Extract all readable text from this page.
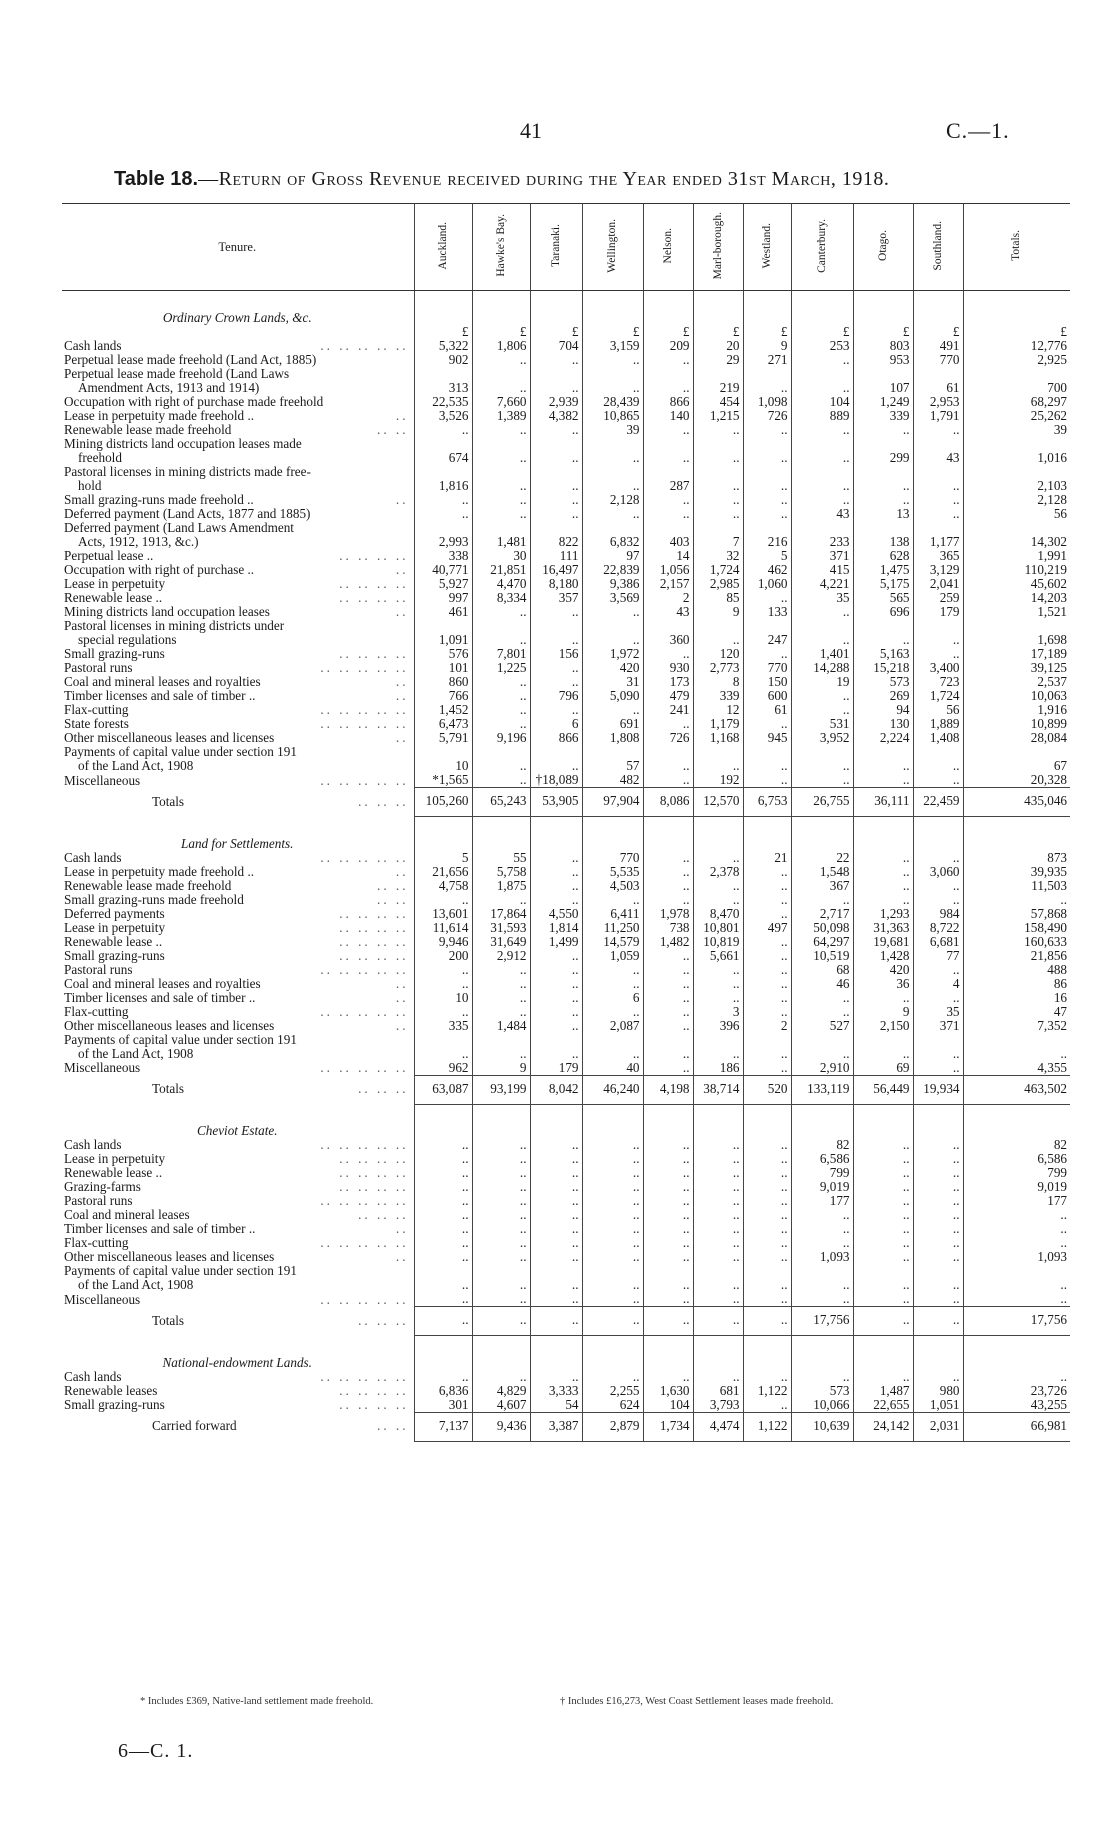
41	C.—1.
Table 18.—Return of Gross Revenue received during the Year ended 31st March, 1918.
Tenure.	Auckland.	Hawke's Bay.	Taranaki.	Wellington.	Nelson.	Marl-borough.	Westland.	Canterbury.	Otago.	Southland.	Totals.
Ordinary Crown Lands, &c.											
	£	£	£	£	£	£	£	£	£	£	£
Cash lands .. .. .. .. ..	5,322	1,806	704	3,159	209	20	9	253	803	491	12,776
Perpetual lease made freehold (Land Act, 1885)	902	..	..	..	..	29	271	..	953	770	2,925
Perpetual lease made freehold (Land Laws
Amendment Acts, 1913 and 1914)	313	..	..	..	..	219	..	..	107	61	700
Occupation with right of purchase made freehold	22,535	7,660	2,939	28,439	866	454	1,098	104	1,249	2,953	68,297
Lease in perpetuity made freehold .. ..	3,526	1,389	4,382	10,865	140	1,215	726	889	339	1,791	25,262
Renewable lease made freehold .. ..	..	..	..	39	..	..	..	..	..	..	39
Mining districts land occupation leases made
freehold	674	..	..	..	..	..	..	..	299	43	1,016
Pastoral licenses in mining districts made free-
hold	1,816	..	..	..	287	..	..	..	..	..	2,103
Small grazing-runs made freehold .. ..	..	..	..	2,128	..	..	..	..	..	..	2,128
Deferred payment (Land Acts, 1877 and 1885)	..	..	..	..	..	..	..	43	13	..	56
Deferred payment (Land Laws Amendment
Acts, 1912, 1913, &c.)	2,993	1,481	822	6,832	403	7	216	233	138	1,177	14,302
Perpetual lease .. .. .. .. ..	338	30	111	97	14	32	5	371	628	365	1,991
Occupation with right of purchase .. ..	40,771	21,851	16,497	22,839	1,056	1,724	462	415	1,475	3,129	110,219
Lease in perpetuity .. .. .. ..	5,927	4,470	8,180	9,386	2,157	2,985	1,060	4,221	5,175	2,041	45,602
Renewable lease .. .. .. .. ..	997	8,334	357	3,569	2	85	..	35	565	259	14,203
Mining districts land occupation leases ..	461	..	..	..	43	9	133	..	696	179	1,521
Pastoral licenses in mining districts under
special regulations	1,091	..	..	..	360	..	247	..	..	..	1,698
Small grazing-runs .. .. .. ..	576	7,801	156	1,972	..	120	..	1,401	5,163	..	17,189
Pastoral runs .. .. .. .. ..	101	1,225	..	420	930	2,773	770	14,288	15,218	3,400	39,125
Coal and mineral leases and royalties ..	860	..	..	31	173	8	150	19	573	723	2,537
Timber licenses and sale of timber .. ..	766	..	796	5,090	479	339	600	..	269	1,724	10,063
Flax-cutting .. .. .. .. ..	1,452	..	..	..	241	12	61	..	94	56	1,916
State forests .. .. .. .. ..	6,473	..	6	691	..	1,179	..	531	130	1,889	10,899
Other miscellaneous leases and licenses ..	5,791	9,196	866	1,808	726	1,168	945	3,952	2,224	1,408	28,084
Payments of capital value under section 191
of the Land Act, 1908	10	..	..	57	..	..	..	..	..	..	67
Miscellaneous .. .. .. .. ..	*1,565	..	†18,089	482	..	192	..	..	..	..	20,328
Totals .. .. ..	105,260	65,243	53,905	97,904	8,086	12,570	6,753	26,755	36,111	22,459	435,046
Land for Settlements.											
Cash lands .. .. .. .. ..	5	55	..	770	..	..	21	22	..	..	873
Lease in perpetuity made freehold .. ..	21,656	5,758	..	5,535	..	2,378	..	1,548	..	3,060	39,935
Renewable lease made freehold .. ..	4,758	1,875	..	4,503	..	..	..	367	..	..	11,503
Small grazing-runs made freehold .. ..	..	..	..	..	..	..	..	..	..	..	..
Deferred payments .. .. .. ..	13,601	17,864	4,550	6,411	1,978	8,470	..	2,717	1,293	984	57,868
Lease in perpetuity .. .. .. ..	11,614	31,593	1,814	11,250	738	10,801	497	50,098	31,363	8,722	158,490
Renewable lease .. .. .. .. ..	9,946	31,649	1,499	14,579	1,482	10,819	..	64,297	19,681	6,681	160,633
Small grazing-runs .. .. .. ..	200	2,912	..	1,059	..	5,661	..	10,519	1,428	77	21,856
Pastoral runs .. .. .. .. ..	..	..	..	..	..	..	..	68	420	..	488
Coal and mineral leases and royalties ..	..	..	..	..	..	..	..	46	36	4	86
Timber licenses and sale of timber .. ..	10	..	..	6	..	..	..	..	..	..	16
Flax-cutting .. .. .. .. ..	..	..	..	..	..	3	..	..	9	35	47
Other miscellaneous leases and licenses ..	335	1,484	..	2,087	..	396	2	527	2,150	371	7,352
Payments of capital value under section 191
of the Land Act, 1908	..	..	..	..	..	..	..	..	..	..	..
Miscellaneous .. .. .. .. ..	962	9	179	40	..	186	..	2,910	69	..	4,355
Totals .. .. ..	63,087	93,199	8,042	46,240	4,198	38,714	520	133,119	56,449	19,934	463,502
Cheviot Estate.											
Cash lands .. .. .. .. ..	..	..	..	..	..	..	..	82	..	..	82
Lease in perpetuity .. .. .. ..	..	..	..	..	..	..	..	6,586	..	..	6,586
Renewable lease .. .. .. .. ..	..	..	..	..	..	..	..	799	..	..	799
Grazing-farms .. .. .. ..	..	..	..	..	..	..	..	9,019	..	..	9,019
Pastoral runs .. .. .. .. ..	..	..	..	..	..	..	..	177	..	..	177
Coal and mineral leases .. .. ..	..	..	..	..	..	..	..	..	..	..	..
Timber licenses and sale of timber .. ..	..	..	..	..	..	..	..	..	..	..	..
Flax-cutting .. .. .. .. ..	..	..	..	..	..	..	..	..	..	..	..
Other miscellaneous leases and licenses ..	..	..	..	..	..	..	..	1,093	..	..	1,093
Payments of capital value under section 191
of the Land Act, 1908	..	..	..	..	..	..	..	..	..	..	..
Miscellaneous .. .. .. .. ..	..	..	..	..	..	..	..	..	..	..	..
Totals .. .. ..	..	..	..	..	..	..	..	17,756	..	..	17,756
National-endowment Lands.											
Cash lands .. .. .. .. ..	..	..	..	..	..	..	..	..	..	..	..
Renewable leases .. .. .. ..	6,836	4,829	3,333	2,255	1,630	681	1,122	573	1,487	980	23,726
Small grazing-runs .. .. .. ..	301	4,607	54	624	104	3,793	..	10,066	22,655	1,051	43,255
Carried forward .. ..	7,137	9,436	3,387	2,879	1,734	4,474	1,122	10,639	24,142	2,031	66,981
* Includes £369, Native-land settlement made freehold.	† Includes £16,273, West Coast Settlement leases made freehold.
6—C. 1.
